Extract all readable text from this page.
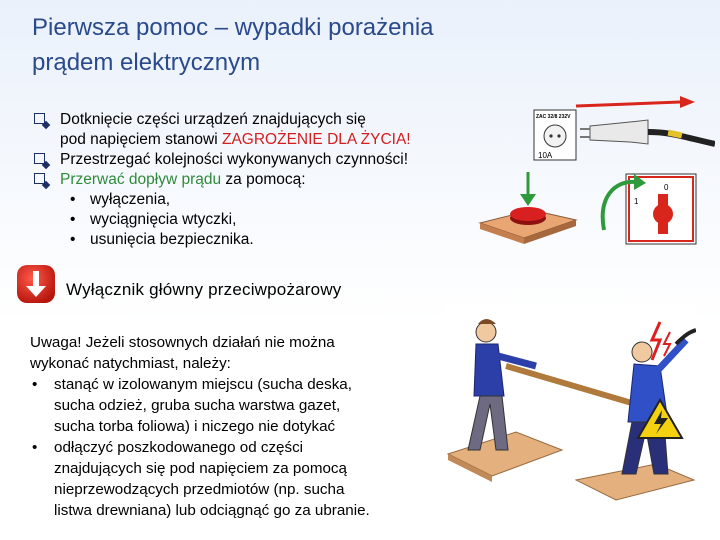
Pierwsza pomoc – wypadki porażenia
prądem elektrycznym
Dotknięcie części urządzeń znajdujących się
pod napięciem stanowi ZAGROŻENIE DLA ŻYCIA!
Przestrzegać kolejności wykonywanych czynności!
Przerwać dopływ prądu za pomocą:
• wyłączenia,
• wyciągnięcia wtyczki,
• usunięcia bezpiecznika.
Wyłącznik główny przeciwpożarowy

Uwaga! Jeżeli stosownych działań nie można

wykonać natychmiast, należy:

• stanąć w izolowanym miejscu (sucha deska,
sucha odzież, gruba sucha warstwa gazet,
sucha torba foliowa) i niczego nie dotykać
• odłączyć poszkodowanego od części
znajdujących się pod napięciem za pomocą
nieprzewodzących przedmiotów (np. sucha
listwa drewniana) lub odciągnąć go za ubranie.
ZAC 32/8 232V
10A
0
1
